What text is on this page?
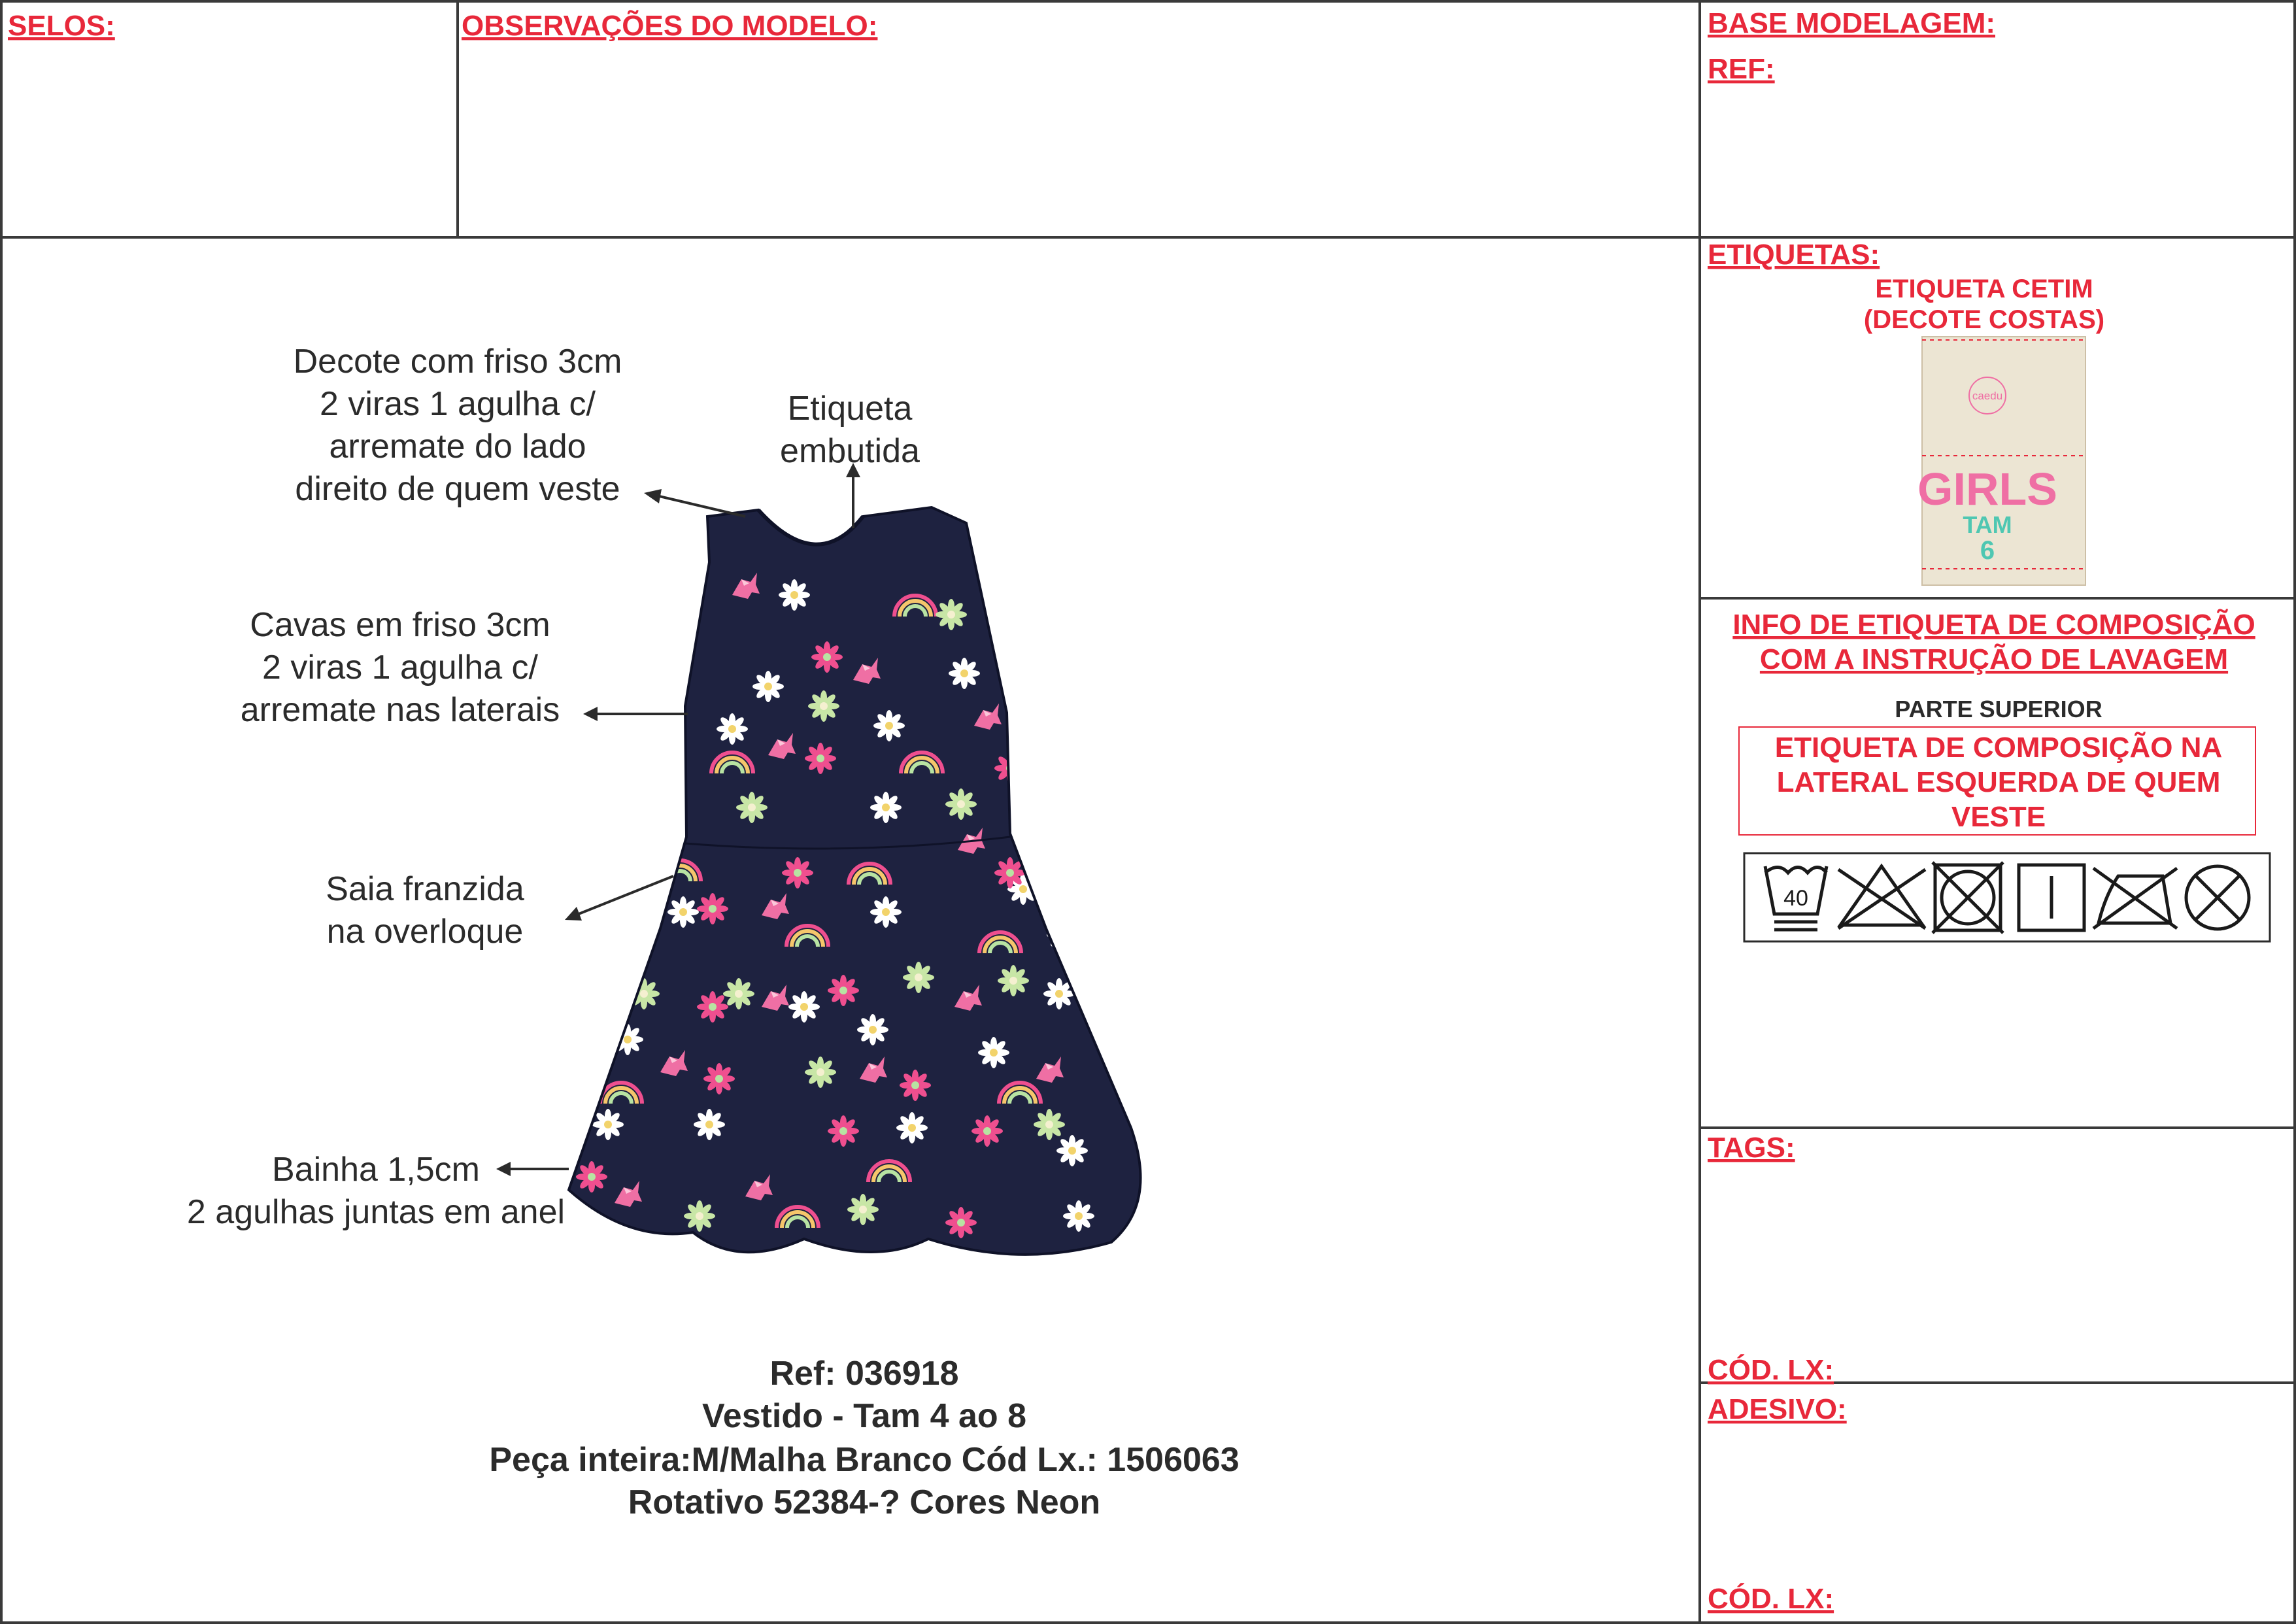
SELOS:	OBSERVAÇÕES DO MODELO:	BASE MODELAGEM:
REF:
ETIQUETAS:
TAGS:
CÓD. LX:
ADESIVO:
CÓD. LX:
ETIQUETA CETIM
(DECOTE COSTAS)
caedu
GIRLS
TAM
6
INFO DE ETIQUETA DE COMPOSIÇÃO
COM A INSTRUÇÃO DE LAVAGEM
PARTE SUPERIOR
ETIQUETA DE COMPOSIÇÃO NA
LATERAL ESQUERDA DE QUEM
VESTE
40
Decote com friso 3cm
2 viras 1 agulha c/
arremate do lado
direito de quem veste
Etiqueta
embutida
Cavas em friso 3cm
2 viras 1 agulha c/
arremate nas laterais
Saia franzida
na overloque
Bainha 1,5cm
2 agulhas juntas em anel
Ref: 036918
Vestido - Tam 4 ao 8
Peça inteira:M/Malha Branco Cód Lx.: 1506063
Rotativo 52384-? Cores Neon
